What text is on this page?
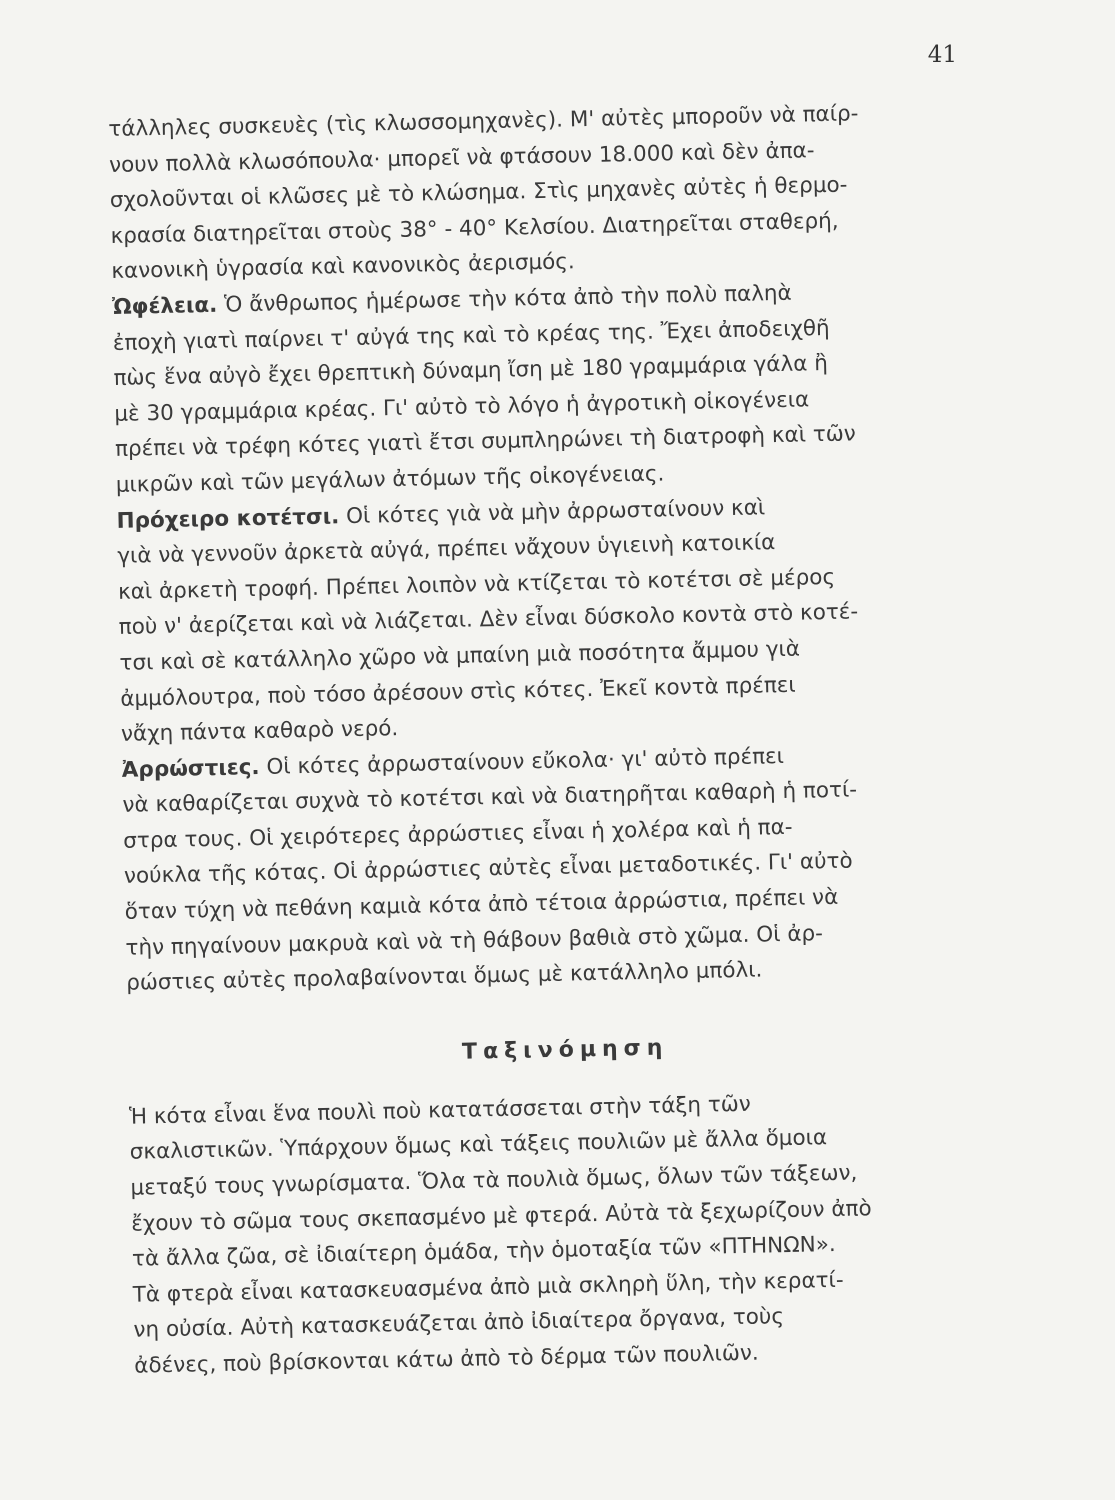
41

τάλληλες συσκευὲς (τὶς κλωσσομηχανὲς). Μ' αὐτὲς μποροῦν νὰ παίρ-

νουν πολλὰ κλωσόπουλα· μπορεῖ νὰ φτάσουν 18.000 καὶ δὲν ἀπα-

σχολοῦνται οἱ κλῶσες μὲ τὸ κλώσημα. Στὶς μηχανὲς αὐτὲς ἡ θερμο-

κρασία διατηρεῖται στοὺς 38° - 40° Κελσίου. Διατηρεῖται σταθερή,

κανονικὴ ὑγρασία καὶ κανονικὸς ἀερισμός.

Ὠφέλεια. Ὁ ἄνθρωπος ἡμέρωσε τὴν κότα ἀπὸ τὴν πολὺ παληὰ

ἐποχὴ γιατὶ παίρνει τ' αὐγά της καὶ τὸ κρέας της. Ἔχει ἀποδειχθῆ

πὼς ἕνα αὐγὸ ἔχει θρεπτικὴ δύναμη ἴση μὲ 180 γραμμάρια γάλα ἢ

μὲ 30 γραμμάρια κρέας. Γι' αὐτὸ τὸ λόγο ἡ ἀγροτικὴ οἰκογένεια

πρέπει νὰ τρέφη κότες γιατὶ ἔτσι συμπληρώνει τὴ διατροφὴ καὶ τῶν

μικρῶν καὶ τῶν μεγάλων ἀτόμων τῆς οἰκογένειας.

Πρόχειρο κοτέτσι. Οἱ κότες γιὰ νὰ μὴν ἀρρωσταίνουν καὶ

γιὰ νὰ γεννοῦν ἀρκετὰ αὐγά, πρέπει νἄχουν ὑγιεινὴ κατοικία

καὶ ἀρκετὴ τροφή. Πρέπει λοιπὸν νὰ κτίζεται τὸ κοτέτσι σὲ μέρος

ποὺ ν' ἀερίζεται καὶ νὰ λιάζεται. Δὲν εἶναι δύσκολο κοντὰ στὸ κοτέ-

τσι καὶ σὲ κατάλληλο χῶρο νὰ μπαίνη μιὰ ποσότητα ἄμμου γιὰ

ἀμμόλουτρα, ποὺ τόσο ἀρέσουν στὶς κότες. Ἐκεῖ κοντὰ πρέπει

νἄχη πάντα καθαρὸ νερό.

Ἀρρώστιες. Οἱ κότες ἀρρωσταίνουν εὔκολα· γι' αὐτὸ πρέπει

νὰ καθαρίζεται συχνὰ τὸ κοτέτσι καὶ νὰ διατηρῆται καθαρὴ ἡ ποτί-

στρα τους. Οἱ χειρότερες ἀρρώστιες εἶναι ἡ χολέρα καὶ ἡ πα-

νούκλα τῆς κότας. Οἱ ἀρρώστιες αὐτὲς εἶναι μεταδοτικές. Γι' αὐτὸ

ὅταν τύχη νὰ πεθάνη καμιὰ κότα ἀπὸ τέτοια ἀρρώστια, πρέπει νὰ

τὴν πηγαίνουν μακρυὰ καὶ νὰ τὴ θάβουν βαθιὰ στὸ χῶμα. Οἱ ἀρ-

ρώστιες αὐτὲς προλαβαίνονται ὅμως μὲ κατάλληλο μπόλι.

Ταξινόμηση

Ἡ κότα εἶναι ἕνα πουλὶ ποὺ κατατάσσεται στὴν τάξη τῶν

σκαλιστικῶν. Ὑπάρχουν ὅμως καὶ τάξεις πουλιῶν μὲ ἄλλα ὅμοια

μεταξύ τους γνωρίσματα. Ὅλα τὰ πουλιὰ ὅμως, ὅλων τῶν τάξεων,

ἔχουν τὸ σῶμα τους σκεπασμένο μὲ φτερά. Αὐτὰ τὰ ξεχωρίζουν ἀπὸ

τὰ ἄλλα ζῶα, σὲ ἰδιαίτερη ὁμάδα, τὴν ὁμοταξία τῶν «ΠΤΗΝΩΝ».

Τὰ φτερὰ εἶναι κατασκευασμένα ἀπὸ μιὰ σκληρὴ ὕλη, τὴν κερατί-

νη οὐσία. Αὐτὴ κατασκευάζεται ἀπὸ ἰδιαίτερα ὄργανα, τοὺς

ἀδένες, ποὺ βρίσκονται κάτω ἀπὸ τὸ δέρμα τῶν πουλιῶν.
